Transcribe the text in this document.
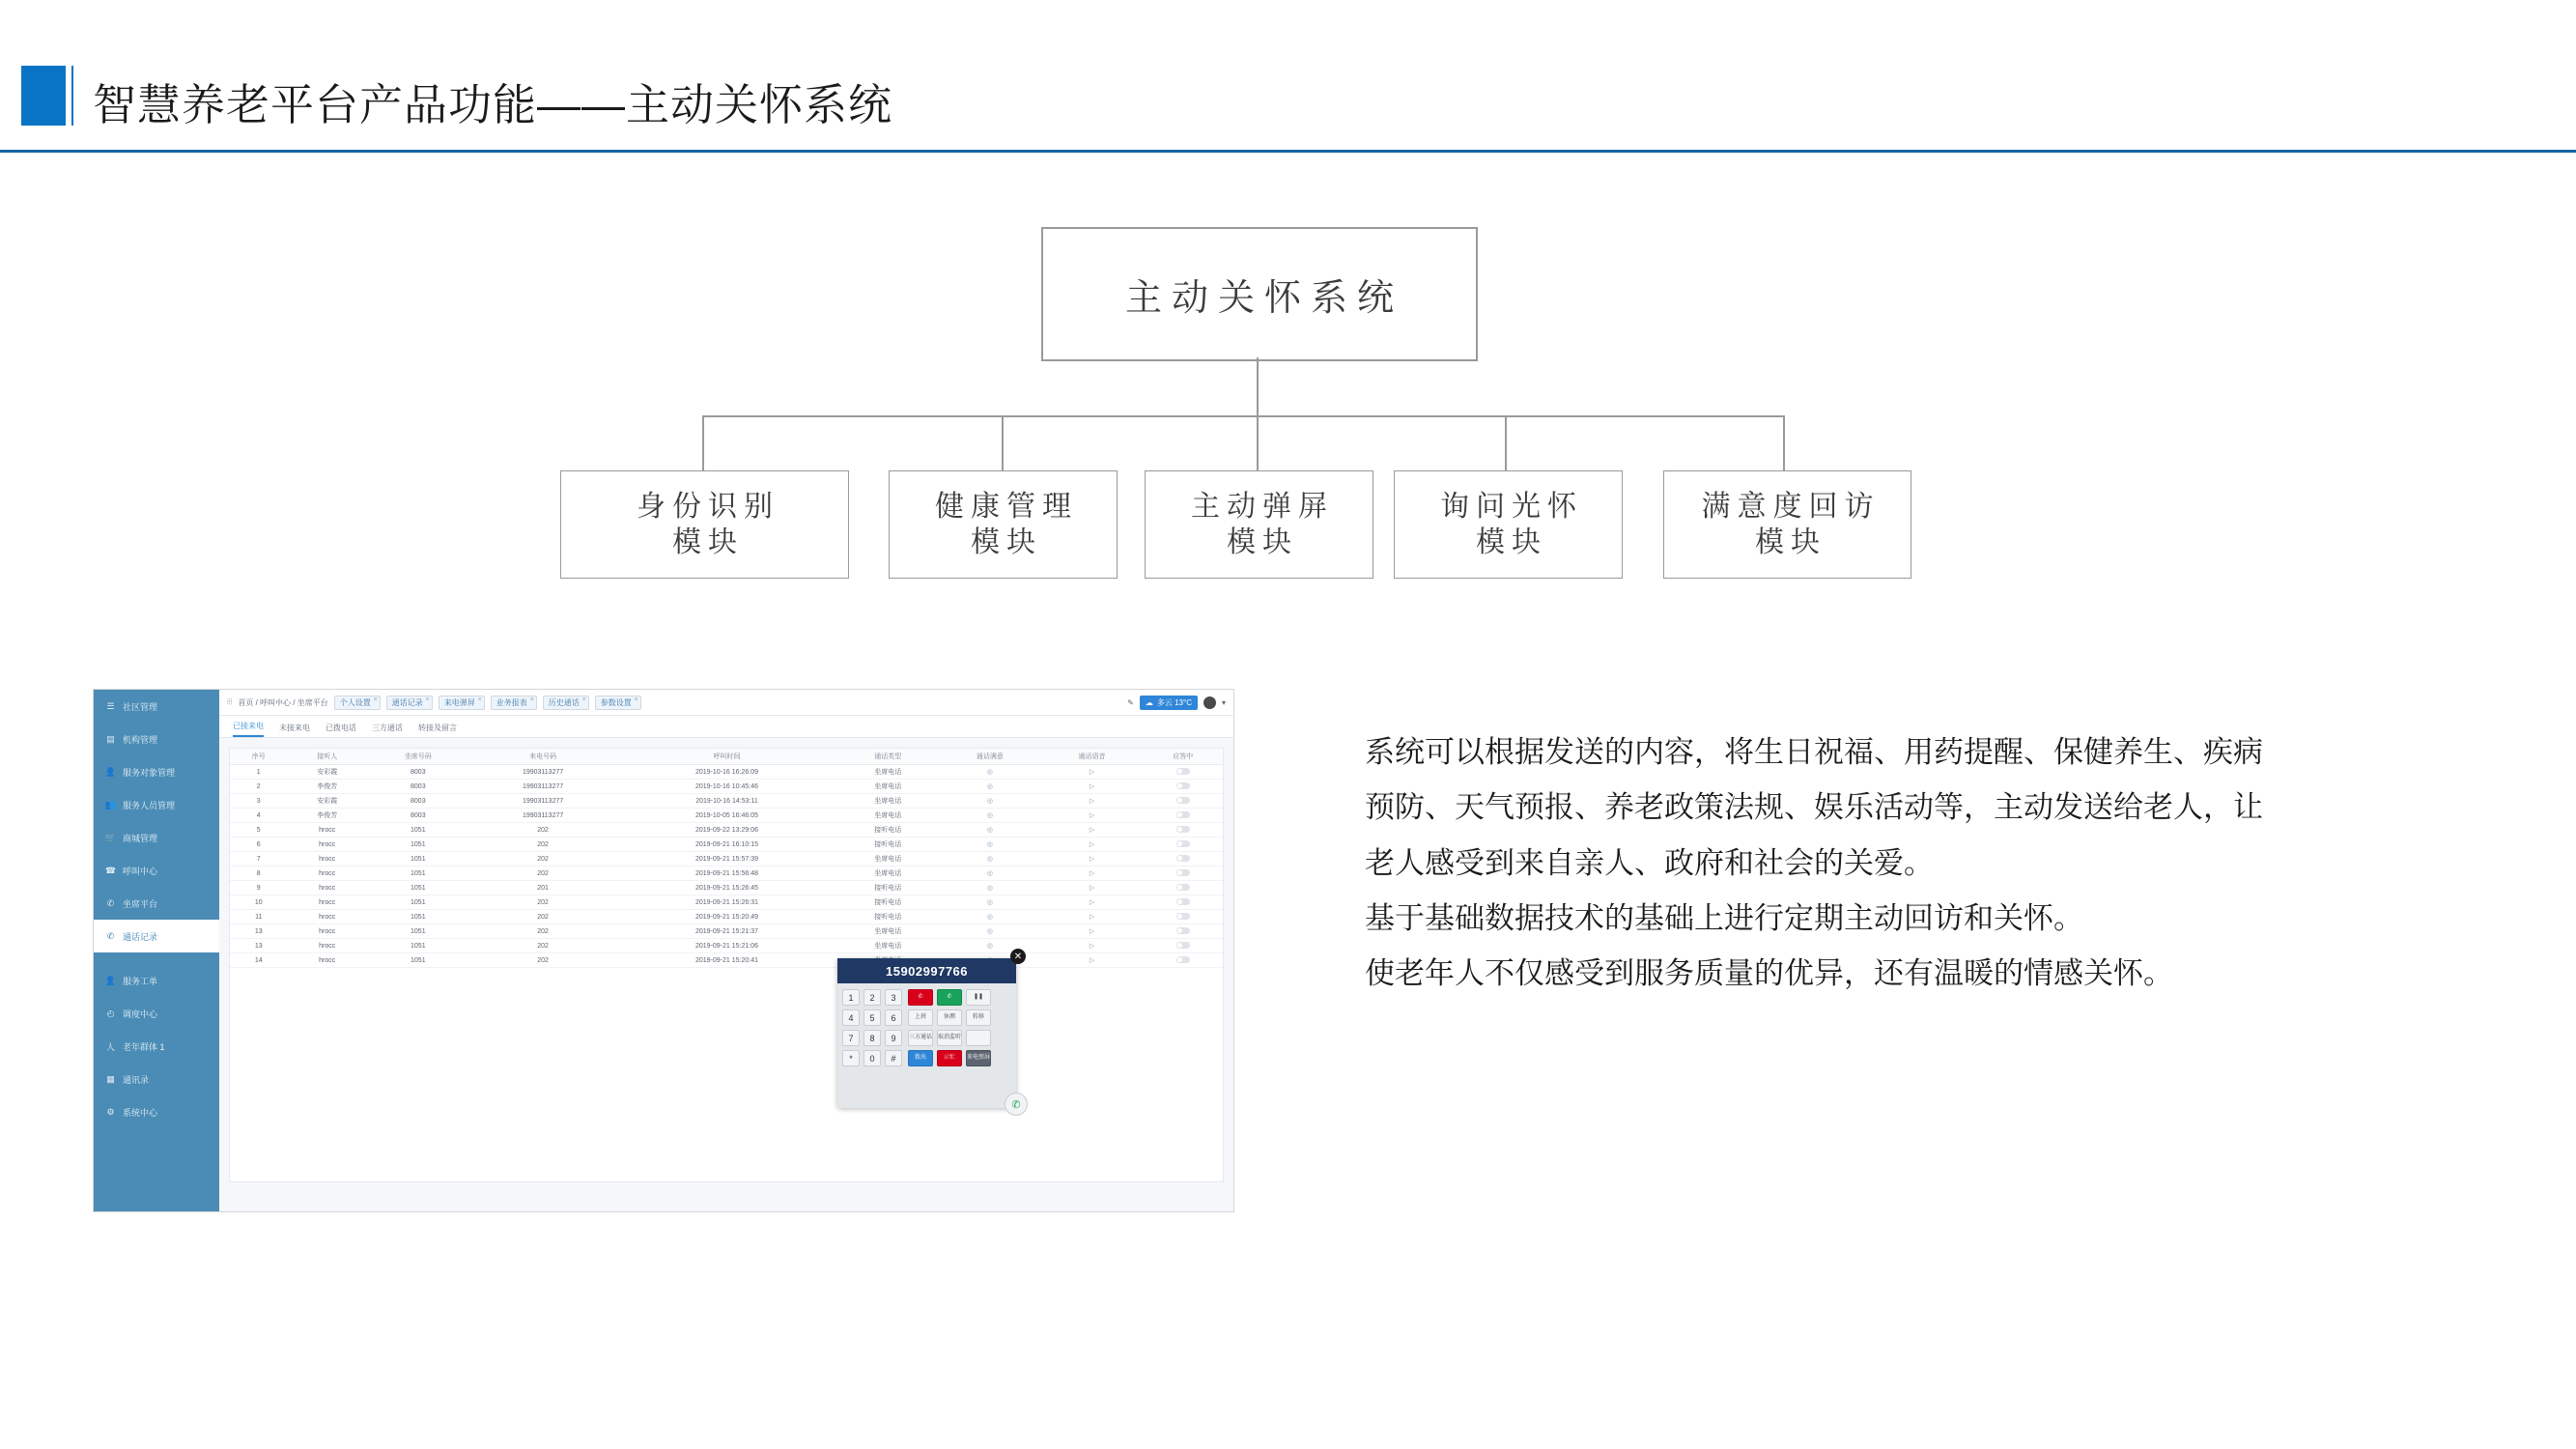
智慧养老平台产品功能——主动关怀系统
主动关怀系统
身份识别
模块
健康管理
模块
主动弹屏
模块
询问光怀
模块
满意度回访
模块

系统可以根据发送的内容，将生日祝福、用药提醒、保健养生、疾病预防、天气预报、养老政策法规、娱乐活动等，主动发送给老人，让老人感受到来自亲人、政府和社会的关爱。

基于基础数据技术的基础上进行定期主动回访和关怀。

使老年人不仅感受到服务质量的优异，还有温暖的情感关怀。

☰ 社区管理
▤ 机构管理
👤 服务对象管理
👥 服务人员管理
🛒 商城管理
☎ 呼叫中心
✆ 坐席平台
✆ 通话记录
👤 服务工单
◴ 调度中心
人 老年群体 1
▦ 通讯录
⚙ 系统中心
⦙⦙⦙ 首页 / 呼叫中心 / 坐席平台	个人设置 ×	通话记录 ×	来电弹屏 ×	业务报表 ×	历史通话 ×	参数设置 ×	✎ ☁ 多云 13°C	▾
已接来电 未接来电 已拨电话 三方通话 转接及留言
序号	接听人	坐席号码	来电号码	呼叫时间	通话类型	通话满意	通话语音	应答中
1	安彩霞	8003	19903113277	2019-10-16 16:26:09	坐席电话	◎	▷	
2	李俊芳	8003	19903113277	2019-10-16 10:45:46	坐席电话	◎	▷	
3	安彩霞	8003	19903113277	2019-10-16 14:53:11	坐席电话	◎	▷	
4	李俊芳	8003	19903113277	2019-10-05 16:46:05	坐席电话	◎	▷	
5	hrocc	1051	202	2019-09-22 13:29:06	接听电话	◎	▷	
6	hrocc	1051	202	2019-09-21 16:10:15	接听电话	◎	▷	
7	hrocc	1051	202	2019-09-21 15:57:39	坐席电话	◎	▷	
8	hrocc	1051	202	2019-09-21 15:56:48	坐席电话	◎	▷	
9	hrocc	1051	201	2019-09-21 15:26:45	接听电话	◎	▷	
10	hrocc	1051	202	2019-09-21 15:26:31	接听电话	◎	▷	
11	hrocc	1051	202	2019-09-21 15:20:49	接听电话	◎	▷	
13	hrocc	1051	202	2019-09-21 15:21:37	坐席电话	◎	▷	
13	hrocc	1051	202	2019-09-21 15:21:06	坐席电话	◎	▷	
14	hrocc	1051	202	2019-09-21 15:20:41			▷	
✕
15902997766
1	2	3
4	5	6
7	8	9
*	0	#
✆	✆	❚❚
上班	休测	转移
三方通话 取消监听
拨出	示忙	来电弹屏
✆
